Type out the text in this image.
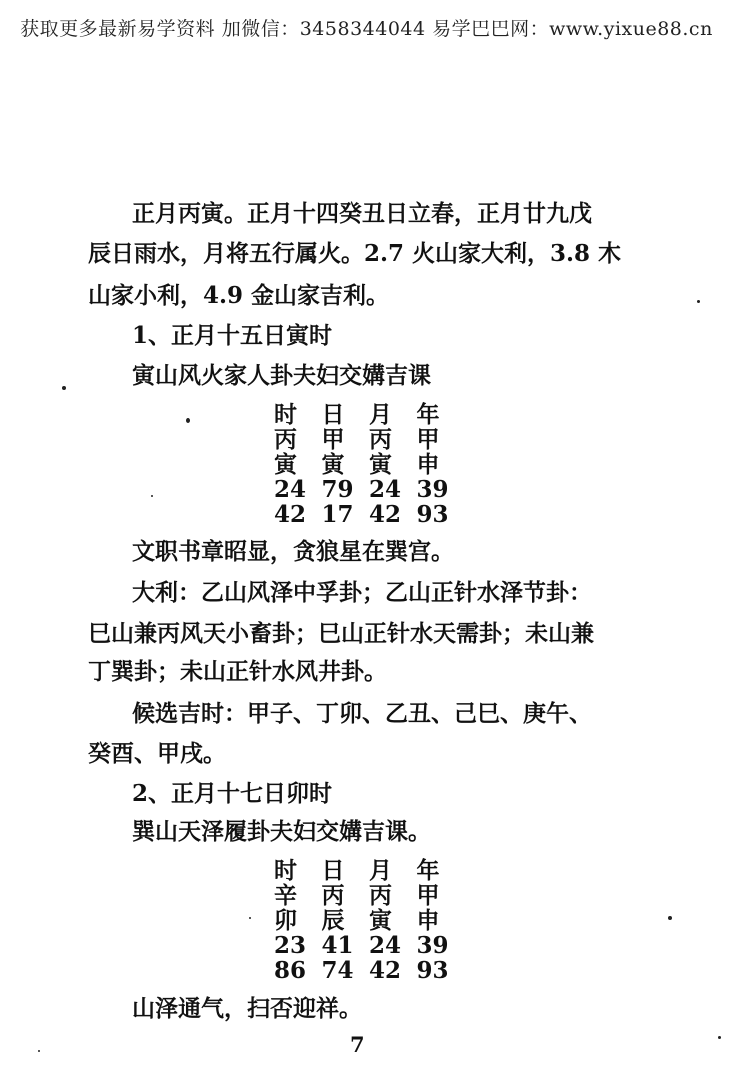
获取更多最新易学资料 加微信：3458344044 易学巴巴网：www.yixue88.cn
正月丙寅。正月十四癸丑日立春，正月廿九戊
辰日雨水，月将五行属火。2.7 火山家大利，3.8 木
山家小利，4.9 金山家吉利。
1、正月十五日寅时
寅山风火家人卦夫妇交媾吉课
时	日	月	年
丙	甲	丙	甲
寅	寅	寅	申
24 79 24 39
42 17 42 93
文职书章昭显，贪狼星在巽宫。
大利：乙山风泽中孚卦；乙山正针水泽节卦：
巳山兼丙风天小畜卦；巳山正针水天需卦；未山兼
丁巽卦；未山正针水风井卦。
候选吉时：甲子、丁卯、乙丑、己巳、庚午、
癸酉、甲戌。
2、正月十七日卯时
巽山天泽履卦夫妇交媾吉课。
时	日	月	年
辛	丙	丙	甲
卯	辰	寅	申
23 41 24 39
86 74 42 93
山泽通气，扫否迎祥。
7
